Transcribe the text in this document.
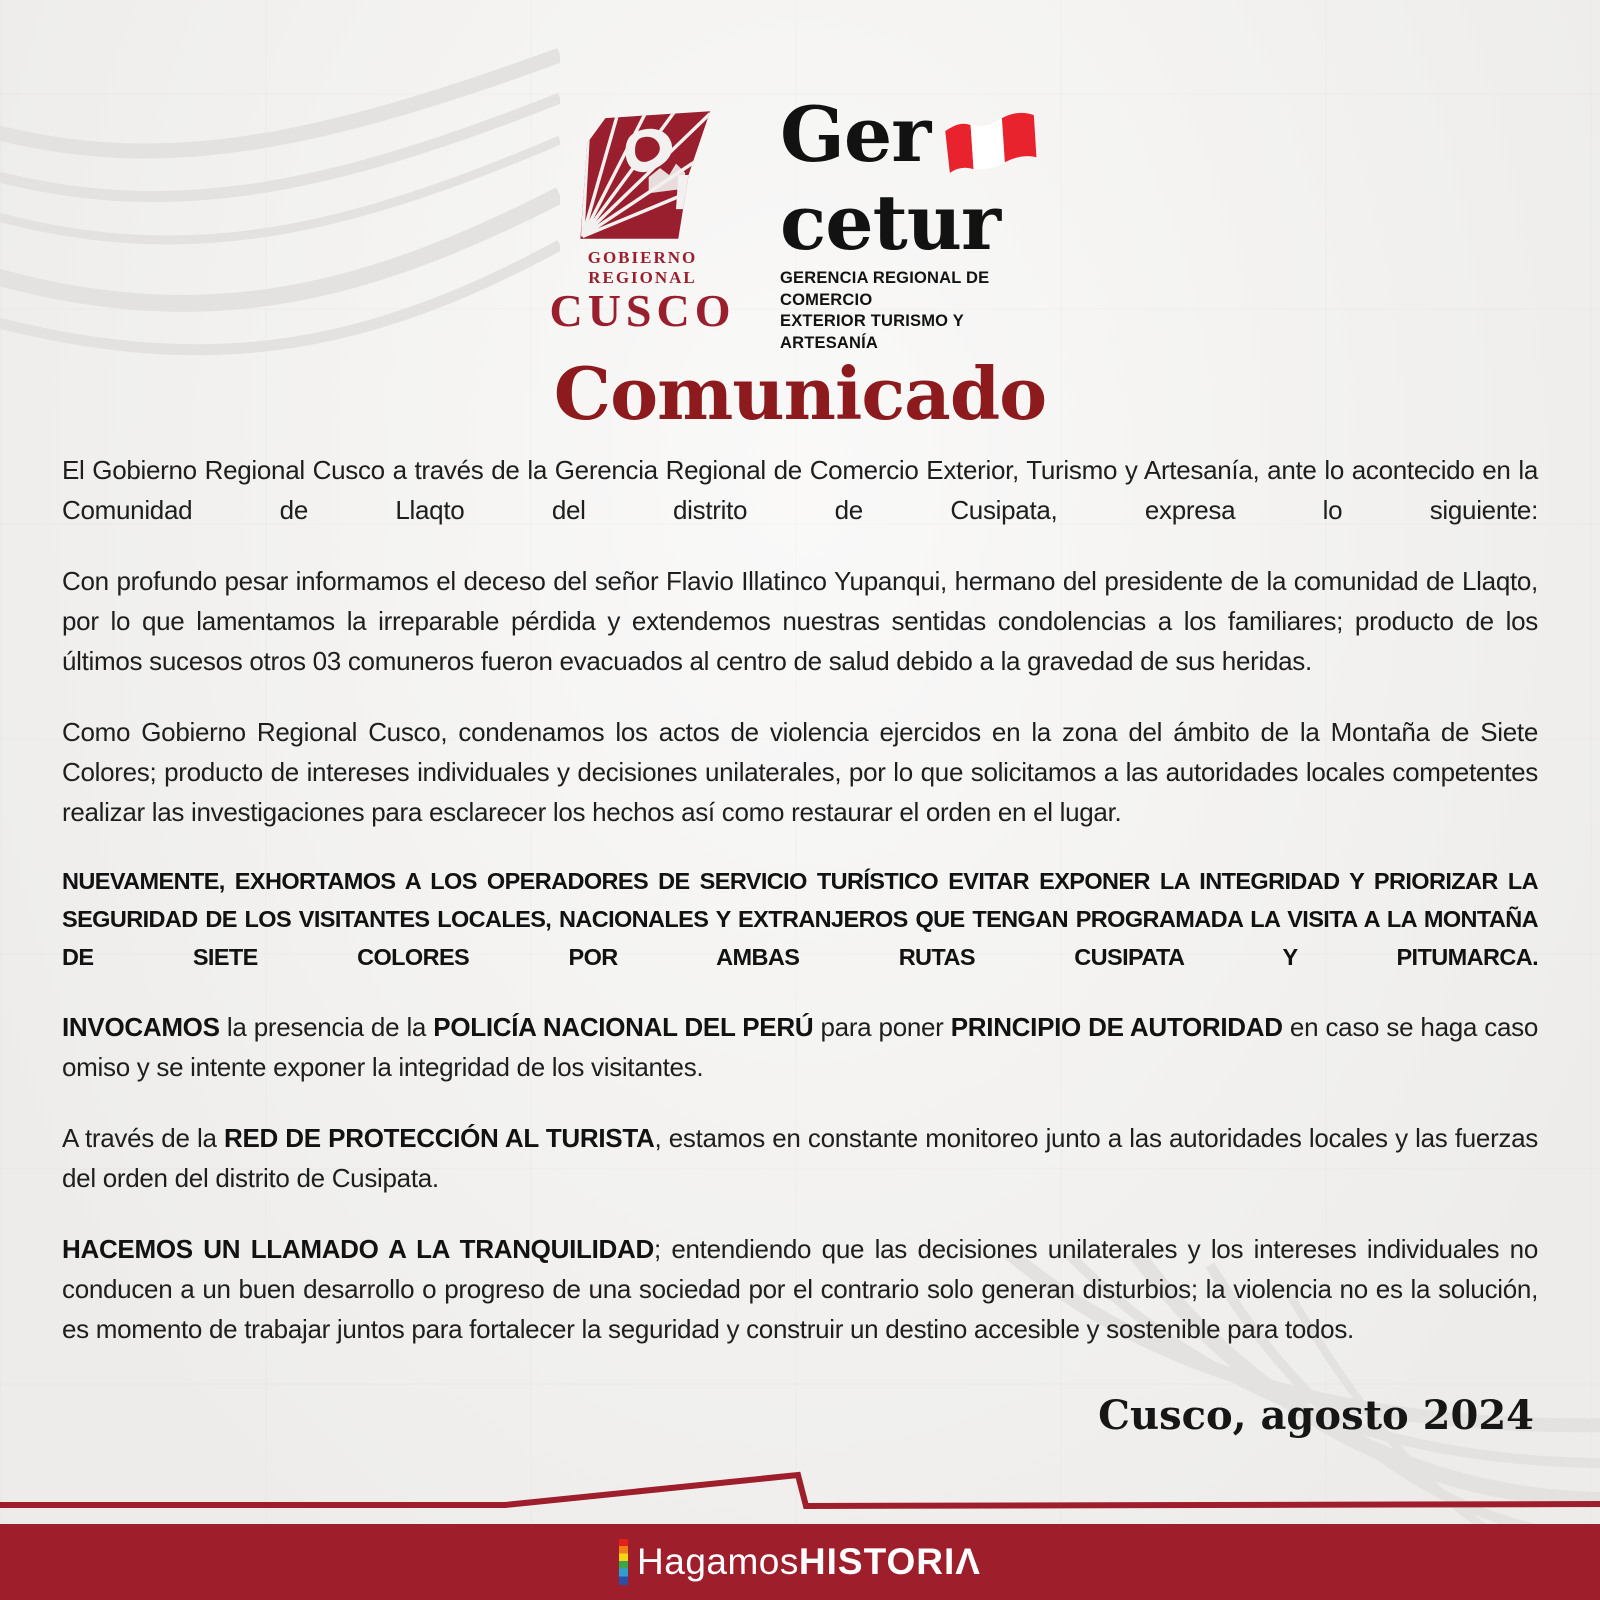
GOBIERNO REGIONAL
CUSCO
Ger
cetur
GERENCIA REGIONAL DE COMERCIO
EXTERIOR TURISMO Y ARTESANÍA
Comunicado

El Gobierno Regional Cusco a través de la Gerencia Regional de Comercio Exterior, Turismo y Artesanía, ante lo acontecido en la Comunidad de Llaqto del distrito de Cusipata, expresa lo siguiente:

Con profundo pesar informamos el deceso del señor Flavio Illatinco Yupanqui, hermano del presidente de la comunidad de Llaqto, por lo que lamentamos la irreparable pérdida y extendemos nuestras sentidas condolencias a los familiares; producto de los últimos sucesos otros 03 comuneros fueron evacuados al centro de salud debido a la gravedad de sus heridas.

Como Gobierno Regional Cusco, condenamos los actos de violencia ejercidos en la zona del ámbito de la Montaña de Siete Colores; producto de intereses individuales y decisiones unilaterales, por lo que solicitamos a las autoridades locales competentes realizar las investigaciones para esclarecer los hechos así como restaurar el orden en el lugar.

NUEVAMENTE, EXHORTAMOS A LOS OPERADORES DE SERVICIO TURÍSTICO EVITAR EXPONER LA INTEGRIDAD Y PRIORIZAR LA SEGURIDAD DE LOS VISITANTES LOCALES, NACIONALES Y EXTRANJEROS QUE TENGAN PROGRAMADA LA VISITA A LA MONTAÑA DE SIETE COLORES POR AMBAS RUTAS CUSIPATA Y PITUMARCA.

INVOCAMOS la presencia de la POLICÍA NACIONAL DEL PERÚ para poner PRINCIPIO DE AUTORIDAD en caso se haga caso omiso y se intente exponer la integridad de los visitantes.

A través de la RED DE PROTECCIÓN AL TURISTA, estamos en constante monitoreo junto a las autoridades locales y las fuerzas del orden del distrito de Cusipata.

HACEMOS UN LLAMADO A LA TRANQUILIDAD; entendiendo que las decisiones unilaterales y los intereses individuales no conducen a un buen desarrollo o progreso de una sociedad por el contrario solo generan disturbios; la violencia no es la solución, es momento de trabajar juntos para fortalecer la seguridad y construir un destino accesible y sostenible para todos.

Cusco, agosto 2024
Hagamos HISTORIΛ
